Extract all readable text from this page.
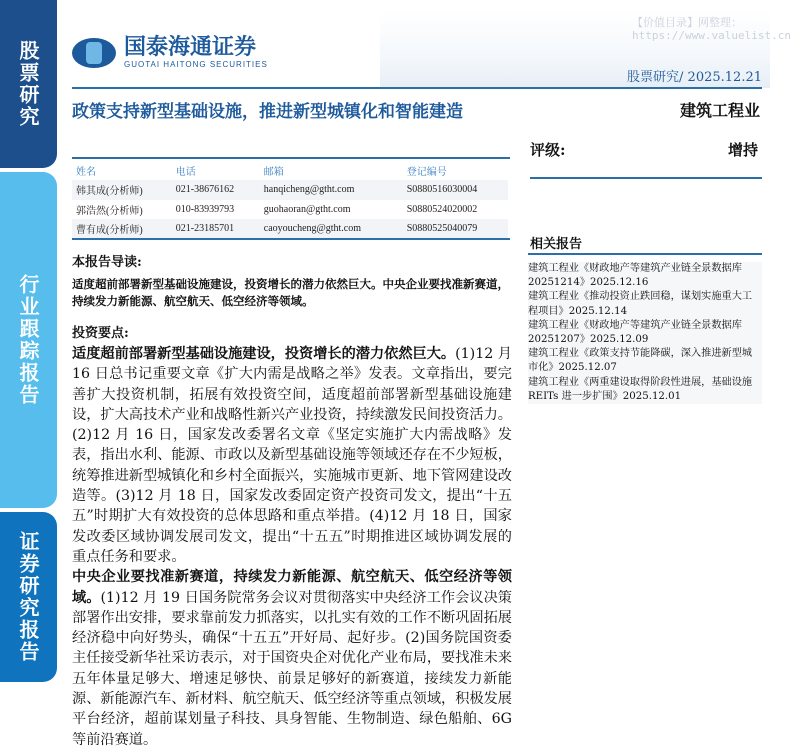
股票研究
行业跟踪报告
证券研究报告
【价值目录】网整理：
https://www.valuelist.cn
国泰海通证券
GUOTAI HAITONG SECURITIES
股票研究/ 2025.12.21
政策支持新型基础设施，推进新型城镇化和智能建造	建筑工程业
姓名	电话	邮箱	登记编号
韩其成(分析师)	021-38676162	hanqicheng@gtht.com	S0880516030004
郭浩然(分析师)	010-83939793	guohaoran@gtht.com	S0880524020002
曹有成(分析师)	021-23185701	caoyoucheng@gtht.com	S0880525040079
评级:	增持
本报告导读:
适度超前部署新型基础设施建设，投资增长的潜力依然巨大。中央企业要找准新赛道，持续发力新能源、航空航天、低空经济等领域。
投资要点:
适度超前部署新型基础设施建设，投资增长的潜力依然巨大。(1)12 月 16 日总书记重要文章《扩大内需是战略之举》发表。文章指出，要完善扩大投资机制，拓展有效投资空间，适度超前部署新型基础设施建设，扩大高技术产业和战略性新兴产业投资，持续激发民间投资活力。(2)12 月 16 日，国家发改委署名文章《坚定实施扩大内需战略》发表，指出水利、能源、市政以及新型基础设施等领域还存在不少短板，统筹推进新型城镇化和乡村全面振兴，实施城市更新、地下管网建设改造等。(3)12 月 18 日，国家发改委固定资产投资司发文，提出“十五五”时期扩大有效投资的总体思路和重点举措。(4)12 月 18 日，国家发改委区域协调发展司发文，提出“十五五”时期推进区域协调发展的重点任务和要求。
中央企业要找准新赛道，持续发力新能源、航空航天、低空经济等领域。(1)12 月 19 日国务院常务会议对贯彻落实中央经济工作会议决策部署作出安排，要求靠前发力抓落实，以扎实有效的工作不断巩固拓展经济稳中向好势头，确保“十五五”开好局、起好步。(2)国务院国资委主任接受新华社采访表示，对于国资央企对优化产业布局，要找准未来五年体量足够大、增速足够快、前景足够好的新赛道，接续发力新能源、新能源汽车、新材料、航空航天、低空经济等重点领域，积极发展平台经济，超前谋划量子科技、具身智能、生物制造、绿色船舶、6G 等前沿赛道。
相关报告
建筑工程业《财政地产等建筑产业链全景数据库20251214》2025.12.16
建筑工程业《推动投资止跌回稳，谋划实施重大工程项目》2025.12.14
建筑工程业《财政地产等建筑产业链全景数据库20251207》2025.12.09
建筑工程业《政策支持节能降碳，深入推进新型城市化》2025.12.07
建筑工程业《两重建设取得阶段性进展，基础设施 REITs 进一步扩围》2025.12.01
